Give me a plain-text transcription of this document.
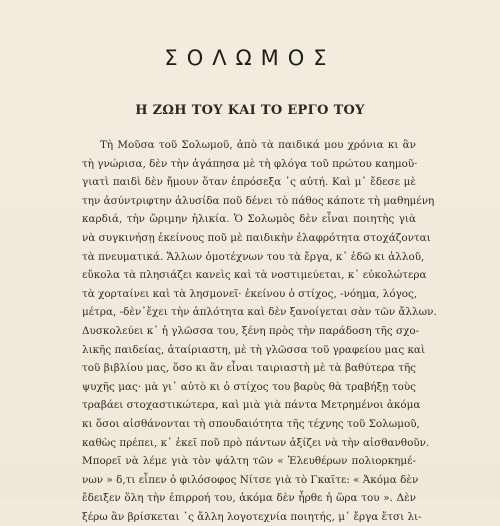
ΣΟΛΩΜΟΣ
Η ΖΩΗ ΤΟΥ ΚΑΙ ΤΟ ΕΡΓΟ ΤΟΥ
Τὴ Μοῦσα τοῦ Σολωμοῦ, ἀπὸ τὰ παιδικά μου χρόνια κι ἂν
τὴ γνώρισα, δὲν τὴν ἀγάπησα μὲ τὴ φλόγα τοῦ πρώτου καημοῦ·
γιατὶ παιδὶ δὲν ἤμουν ὅταν ἐπρόσεξα ᾽ς αὐτή. Καὶ μ᾽ ἔδεσε μὲ
την ἀσύντριφτην ἁλυσίδα ποῦ δένει τὸ πάθος κάποτε τὴ μαθημένη
καρδιά, τὴν ὥριμην ἡλικία. Ὁ Σολωμὸς δὲν εἶναι ποιητὴς γιὰ
νὰ συγκινήσῃ ἐκείνους ποῦ μὲ παιδικὴν ἐλαφρότητα στοχάζονται
τὰ πνευματικά. Ἄλλων ὁμοτέχνων του τὰ ἔργα, κ᾽ ἐδῶ κι ἀλλοῦ,
εὔκολα τὰ πλησιάζει κανεὶς καὶ τὰ νοστιμεύεται, κ᾽ εὐκολώτερα
τὰ χορταίνει καὶ τὰ λησμονεῖ· ἐκείνου ὁ στίχος, -νόημα, λόγος,
μέτρα, -δὲν᾽ἔχει τὴν ἁπλότητα καὶ δὲν ξανοίγεται σὰν τῶν ἄλλων.
Δυσκολεύει κ᾽ ἡ γλῶσσα του, ξένη πρὸς τὴν παράδοση τῆς σχο-
λικῆς παιδείας, ἀταίριαστη, μὲ τὴ γλῶσσα τοῦ γραφείου μας καὶ
τοῦ βιβλίου μας, ὅσο κι ἂν εἶναι ταιριαστὴ μὲ τὰ βαθύτερα τῆς
ψυχῆς μας· μὰ γι᾽ αὐτὸ κι ὁ στίχος του βαρὺς θὰ τραβήξῃ τοὺς
τραβάει στοχαστικώτερα, καὶ μιὰ γιὰ πάντα Μετρημένοι ἀκόμα
κι ὅσοι αἰσθάνονται τὴ σπουδαιότητα τῆς τέχνης τοῦ Σολωμοῦ,
καθὼς πρέπει, κ᾽ ἐκεῖ ποῦ πρὸ πάντων ἀξίζει νὰ τὴν αἰσθανθοῦν.
Μπορεῖ νὰ λέμε γιὰ τὸν ψάλτη τῶν « Ἐλευθέρων πολιορκημέ-
νων » δ,τι εἶπεν ὁ φιλόσοφος Νίτσε γιὰ τὸ Γκαῖτε: « Ἀκόμα δὲν
ἔδειξεν ὅλη τὴν ἐπιρροή του, ἀκόμα δὲν ἦρθε ἡ ὥρα του ». Δὲν
ξέρω ἂν βρίσκεται ᾽ς ἄλλη λογοτεχνία ποιητής, μ᾽ ἔργα ἔτσι λι-
